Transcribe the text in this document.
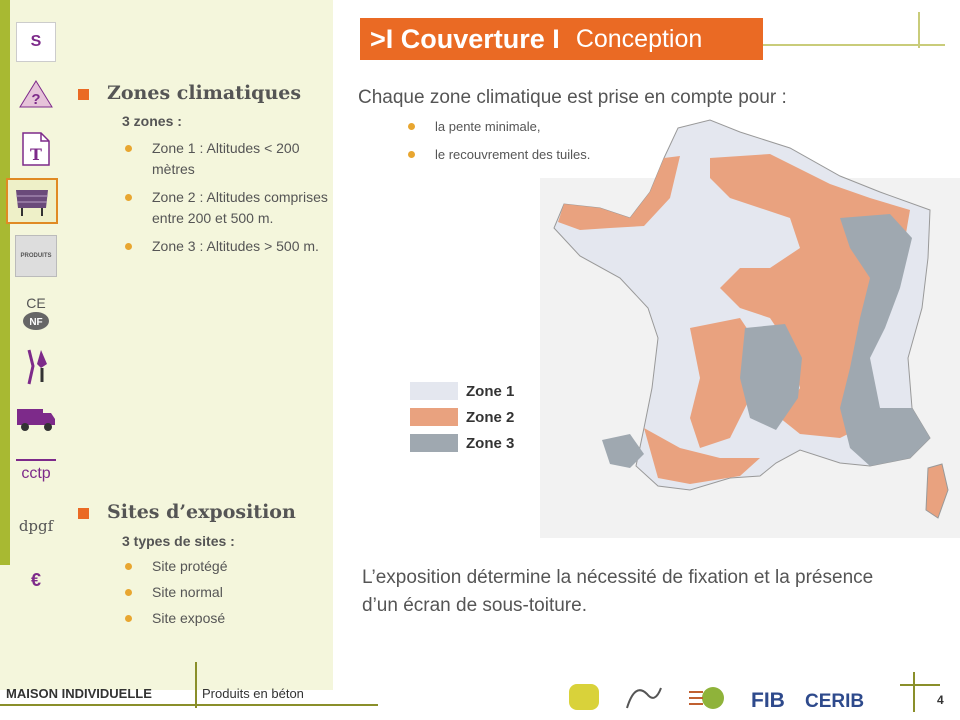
S
?
T
PRODUITS
CE
NF
cctp
dpgf
€
>I Couverture I Conception
Zones climatiques
3 zones :
Zone 1 : Altitudes < 200 mètres
Zone 2 : Altitudes comprises entre 200 et 500 m.
Zone 3 : Altitudes > 500 m.
Sites d’exposition
3 types de sites :
Site protégé
Site normal
Site exposé
Chaque zone climatique est prise en compte pour :
la pente minimale,
le recouvrement des tuiles.
Zone 1
Zone 2
Zone 3
L’exposition détermine la nécessité de fixation et la présence d’un écran de sous-toiture.
MAISON INDIVIDUELLE	Produits en béton	FIB CERIB	4
